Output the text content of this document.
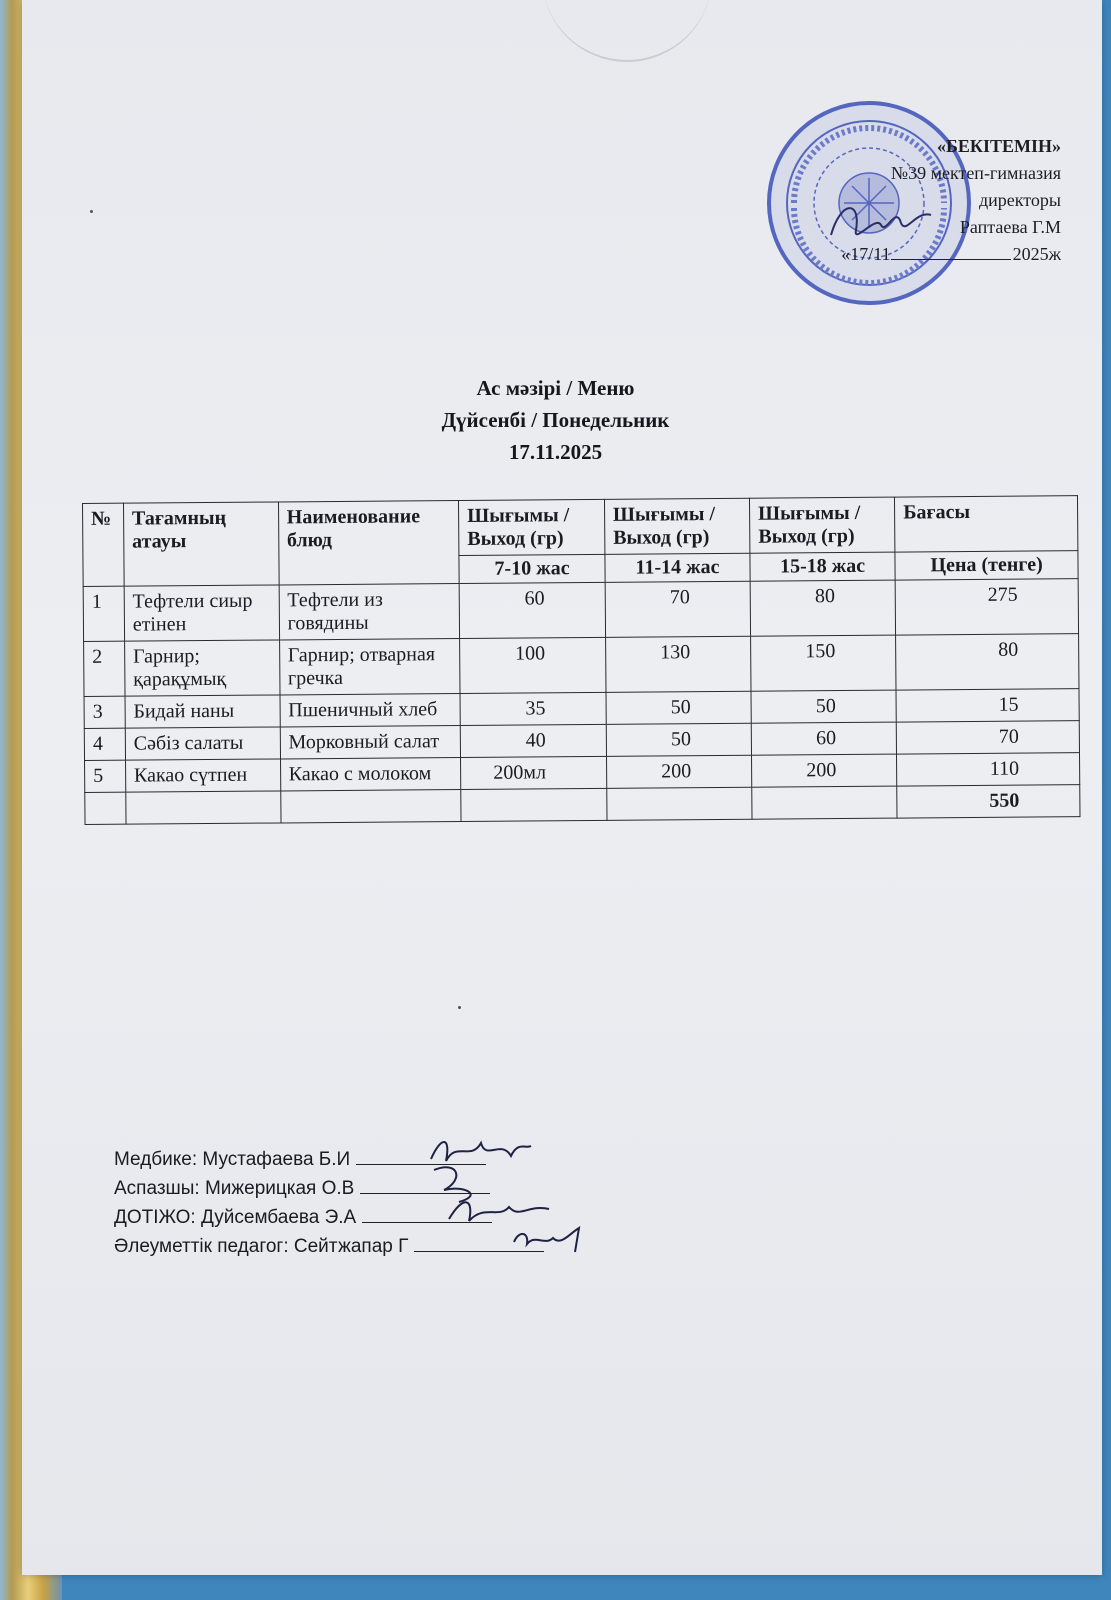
«БЕКІТЕМІН»
№39 мектеп-гимназия
директоры
Раптаева Г.М
«17/11	2025ж
Ас мәзірі / Меню
Дүйсенбі / Понедельник
17.11.2025
№	Тағамның атауы	Наименование блюд	Шығымы /Выход (гр)	Шығымы /Выход (гр)	Шығымы /Выход (гр)	Бағасы
			7-10 жас	11-14 жас	15-18 жас	Цена (тенге)
1	Тефтели сиыр етінен	Тефтели из говядины	60	70	80	275
2	Гарнир; қарақұмық	Гарнир; отварная гречка	100	130	150	80
3	Бидай наны	Пшеничный хлеб	35	50	50	15
4	Сәбіз салаты	Морковный салат	40	50	60	70
5	Какао сүтпен	Какао с молоком	200мл	200	200	110
						550
Медбике: Мустафаева Б.И
Аспазшы: Мижерицкая О.В
ДОТІЖО: Дуйсембаева Э.А
Әлеуметтік педагог: Сейтжапар Г
